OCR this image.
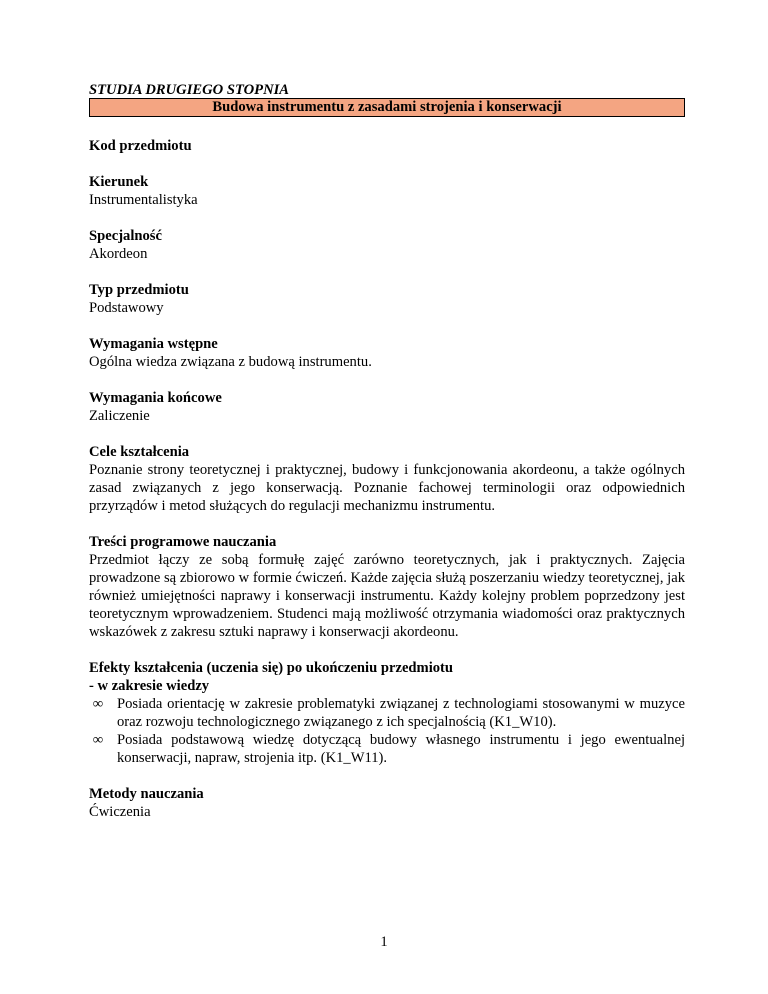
STUDIA DRUGIEGO STOPNIA
Budowa instrumentu z zasadami strojenia i konserwacji
Kod przedmiotu
Kierunek
Instrumentalistyka
Specjalność
Akordeon
Typ przedmiotu
Podstawowy
Wymagania wstępne
Ogólna wiedza związana z budową instrumentu.
Wymagania końcowe
Zaliczenie
Cele kształcenia
Poznanie strony teoretycznej i praktycznej, budowy i funkcjonowania akordeonu, a także ogólnych zasad związanych z jego konserwacją. Poznanie fachowej terminologii oraz odpowiednich przyrządów i metod służących do regulacji mechanizmu instrumentu.
Treści programowe nauczania
Przedmiot łączy ze sobą formułę zajęć zarówno teoretycznych, jak i praktycznych. Zajęcia prowadzone są zbiorowo w formie ćwiczeń. Każde zajęcia służą poszerzaniu wiedzy teoretycznej, jak również umiejętności naprawy i konserwacji instrumentu. Każdy kolejny problem poprzedzony jest teoretycznym wprowadzeniem. Studenci mają możliwość otrzymania wiadomości oraz praktycznych wskazówek z zakresu sztuki naprawy i konserwacji akordeonu.
Efekty kształcenia (uczenia się) po ukończeniu przedmiotu
- w zakresie wiedzy
∞ Posiada orientację w zakresie problematyki związanej z technologiami stosowanymi w muzyce oraz rozwoju technologicznego związanego z ich specjalnością (K1_W10).
∞ Posiada podstawową wiedzę dotyczącą budowy własnego instrumentu i jego ewentualnej konserwacji, napraw, strojenia itp. (K1_W11).
Metody nauczania
Ćwiczenia
1
